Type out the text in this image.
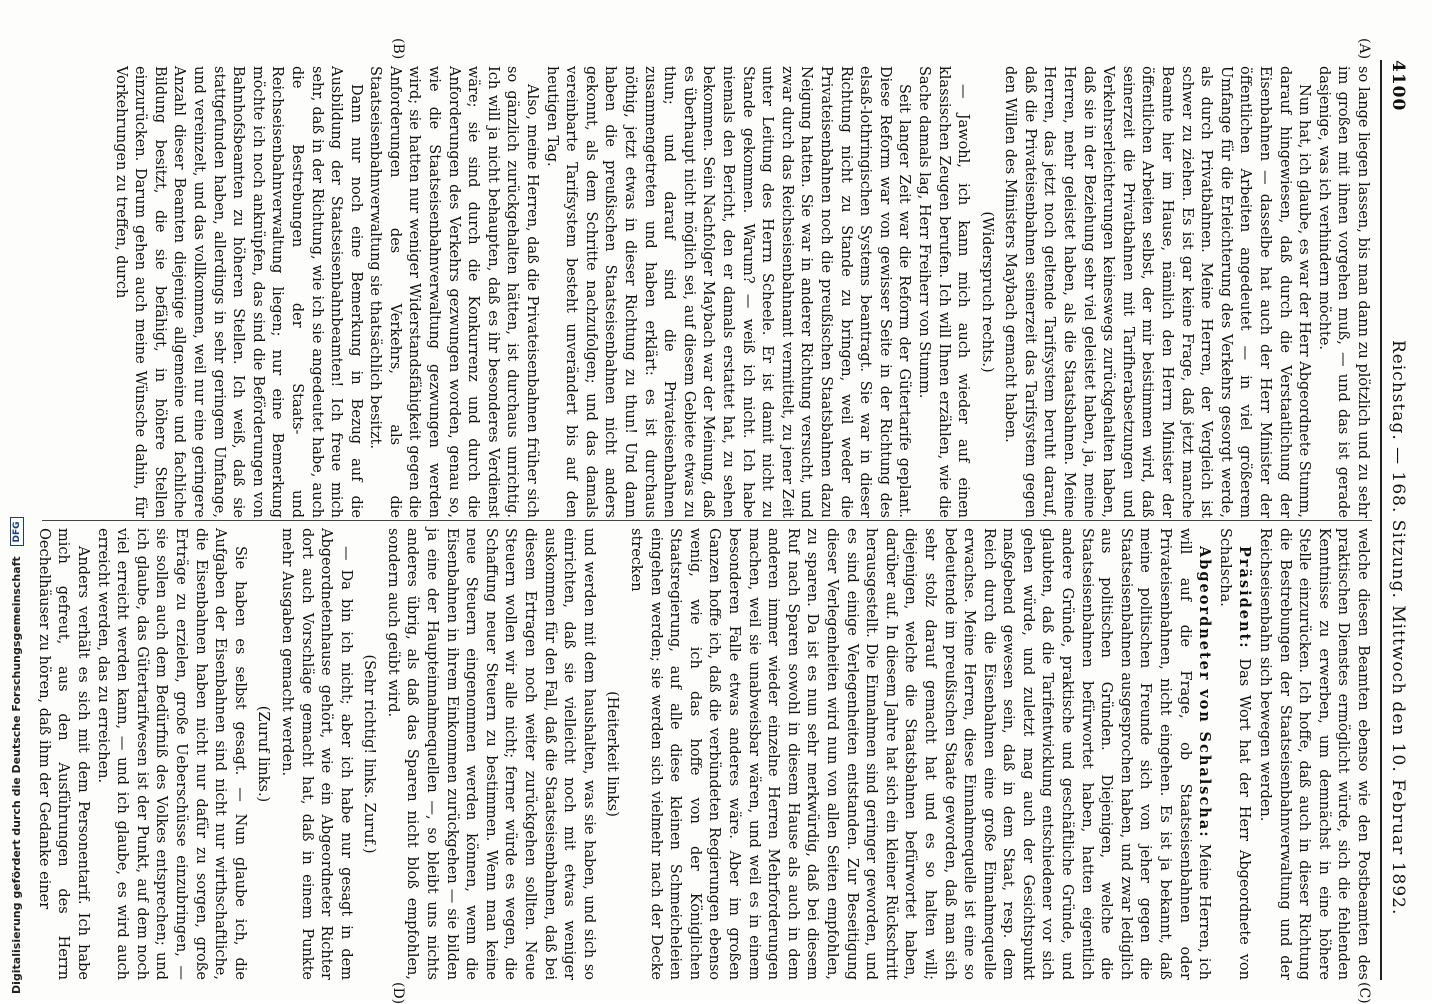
4100
Reichstag. — 168. Sitzung. Mittwoch den 10. Februar 1892.
(A)
(B)
(C)
(D)

so lange liegen lassen, bis man dann zu plötzlich und zu sehr im großen mit ihnen vorgehen muß, — und das ist gerade dasjenige, was ich verhindern möchte.

Nun hat, ich glaube, es war der Herr Abgeordnete Stumm, darauf hingewiesen, daß durch die Verstaatlichung der Eisenbahnen — dasselbe hat auch der Herr Minister der öffentlichen Arbeiten angedeutet — in viel größerem Umfange für die Erleichterung des Verkehrs gesorgt werde, als durch Privatbahnen. Meine Herren, der Vergleich ist schwer zu ziehen. Es ist gar keine Frage, daß jetzt manche Beamte hier im Hause, nämlich den Herrn Minister der öffentlichen Arbeiten selbst, der mir beistimmen wird, daß seinerzeit die Privatbahnen mit Tarifherabsetzungen und Verkehrserleichterungen keineswegs zurückgehalten haben, daß sie in der Beziehung sehr viel geleistet haben, ja, meine Herren, mehr geleistet haben, als die Staatsbahnen. Meine Herren, das jetzt noch geltende Tarifsystem beruht darauf, daß die Privateisenbahnen seinerzeit das Tarifsystem gegen den Willen des Ministers Maybach gemacht haben.

(Widerspruch rechts.)

— Jawohl, ich kann mich auch wieder auf einen klassischen Zeugen berufen. Ich will Ihnen erzählen, wie die Sache damals lag, Herr Freiherr von Stumm.

Seit langer Zeit war die Reform der Gütertarife geplant. Diese Reform war von gewisser Seite in der Richtung des elsaß-lothringischen Systems beantragt. Sie war in dieser Richtung nicht zu Stande zu bringen, weil weder die Privateisenbahnen noch die preußischen Staatsbahnen dazu Neigung hatten. Sie war in anderer Richtung versucht, und zwar durch das Reichseisenbahnamt vermittelt, zu jener Zeit unter Leitung des Herrn Scheele. Er ist damit nicht zu Stande gekommen. Warum? — weiß ich nicht. Ich habe niemals den Bericht, den er damals erstattet hat, zu sehen bekommen. Sein Nachfolger Maybach war der Meinung, daß es überhaupt nicht möglich sei, auf diesem Gebiete etwas zu thun; und darauf sind die Privateisenbahnen zusammengetreten und haben erklärt: es ist durchaus nöthig, jetzt etwas in dieser Richtung zu thun! Und dann haben die preußischen Staatseisenbahnen nicht anders gekonnt, als dem Schritte nachzufolgen; und das damals vereinbarte Tarifsystem besteht unverändert bis auf den heutigen Tag.

Also, meine Herren, daß die Privateisenbahnen früher sich so gänzlich zurückgehalten hätten, ist durchaus unrichtig. Ich will ja nicht behaupten, daß es ihr besonderes Verdienst wäre; sie sind durch die Konkurrenz und durch die Anforderungen des Verkehrs gezwungen worden, genau so, wie die Staatseisenbahnverwaltung gezwungen werden wird; sie hatten nur weniger Widerstandsfähigkeit gegen die Anforderungen des Verkehrs, als die Staatseisenbahnverwaltung sie thatsächlich besitzt.

Dann nur noch eine Bemerkung in Bezug auf die Ausbildung der Staatseisenbahnbeamten! Ich freue mich sehr, daß in der Richtung, wie ich sie angedeutet habe, auch die Bestrebungen der Staats- und Reichseisenbahnverwaltung liegen; nur eine Bemerkung möchte ich noch anknüpfen, das sind die Beförderungen von Bahnhofsbeamten zu höheren Stellen. Ich weiß, daß sie stattgefunden haben, allerdings in sehr geringem Umfange, und vereinzelt, und das vollkommen, weil nur eine geringere Anzahl dieser Beamten diejenige allgemeine und fachliche Bildung besitzt, die sie befähigt, in höhere Stellen einzurücken. Darum gehen auch meine Wünsche dahin, für Vorkehrungen zu treffen, durch

welche diesen Beamten ebenso wie den Postbeamten des praktischen Dienstes ermöglicht würde, sich die fehlenden Kenntnisse zu erwerben, um demnächst in eine höhere Stelle einzurücken. Ich hoffe, daß auch in dieser Richtung die Bestrebungen der Staatseisenbahnverwaltung und der Reichseisenbahn sich bewegen werden.

Präsident: Das Wort hat der Herr Abgeordnete von Schalscha.

Abgeordneter von Schalscha: Meine Herren, ich will auf die Frage, ob Staatseisenbahnen oder Privateisenbahnen, nicht eingehen. Es ist ja bekannt, daß meine politischen Freunde sich von jeher gegen die Staatseisenbahnen ausgesprochen haben, und zwar lediglich aus politischen Gründen. Diejenigen, welche die Staatseisenbahnen befürwortet haben, hatten eigentlich andere Gründe, praktische und geschäftliche Gründe, und glaubten, daß die Tarifentwicklung entschiedener vor sich gehen würde, und zuletzt mag auch der Gesichtspunkt maßgebend gewesen sein, daß in dem Staat, resp. dem Reich durch die Eisenbahnen eine große Einnahmequelle erwachse. Meine Herren, diese Einnahmequelle ist eine so bedeutende im preußischen Staate geworden, daß man sich sehr stolz darauf gemacht hat und es so halten will; diejenigen, welche die Staatsbahnen befürwortet haben, darüber auf. In diesem Jahre hat sich ein kleiner Rückschritt herausgestellt. Die Einnahmen sind geringer geworden, und es sind einige Verlegenheiten entstanden. Zur Beseitigung dieser Verlegenheiten wird nun von allen Seiten empfohlen, zu sparen. Da ist es nun sehr merkwürdig, daß bei diesem Ruf nach Sparen sowohl in diesem Hause als auch in dem anderen immer wieder einzelne Herren Mehrforderungen machen, weil sie unabweisbar wären, und weil es in einem besonderen Falle etwas anderes wäre. Aber im großen Ganzen hoffe ich, daß die verbündeten Regierungen ebenso wenig, wie ich das hoffe von der Königlichen Staatsregierung, auf alle diese kleinen Schmeicheleien eingehen werden; sie werden sich vielmehr nach der Decke strecken

(Heiterkeit links)

und werden mit dem haushalten, was sie haben, und sich so einrichten, daß sie vielleicht noch mit etwas weniger auskommen für den Fall, daß die Staatseisenbahnen, daß bei diesem Ertragen noch weiter zurückgehen sollten. Neue Steuern wollen wir alle nicht; ferner würde es wegen, die Schaffung neuer Steuern zu bestimmen. Wenn man keine neue Steuern eingenommen werden können, wenn die Eisenbahnen in ihrem Einkommen zurückgehen — sie bilden ja eine der Haupteinnahmequellen —, so bleibt uns nichts anderes übrig, als daß das Sparen nicht bloß empfohlen, sondern auch geübt wird.

(Sehr richtig! links. Zuruf.)

— Da bin ich nicht; aber ich habe nur gesagt in dem Abgeordnetenhause gehört, wie ein Abgeordneter Richter dort auch Vorschläge gemacht hat, daß in einem Punkte mehr Ausgaben gemacht werden.

(Zuruf links.)

Sie haben es selbst gesagt. — Nun glaube ich, die Aufgaben der Eisenbahnen sind nicht nur wirthschaftliche, die Eisenbahnen haben nicht nur dafür zu sorgen, große Erträge zu erzielen, große Ueberschüsse einzubringen, — sie sollen auch dem Bedürfniß des Volkes entsprechen; und ich glaube, das Gütertarifwesen ist der Punkt, auf dem noch viel erreicht werden kann, — und ich glaube, es wird auch erreicht werden, das zu erreichen.

Anders verhält es sich mit dem Personentarif. Ich habe mich gefreut, aus den Ausführungen des Herrn Oechelhäuser zu hören, daß ihm der Gedanke einer

Digitalisierung gefördert durch die Deutsche Forschungsgemeinschaft DFG
